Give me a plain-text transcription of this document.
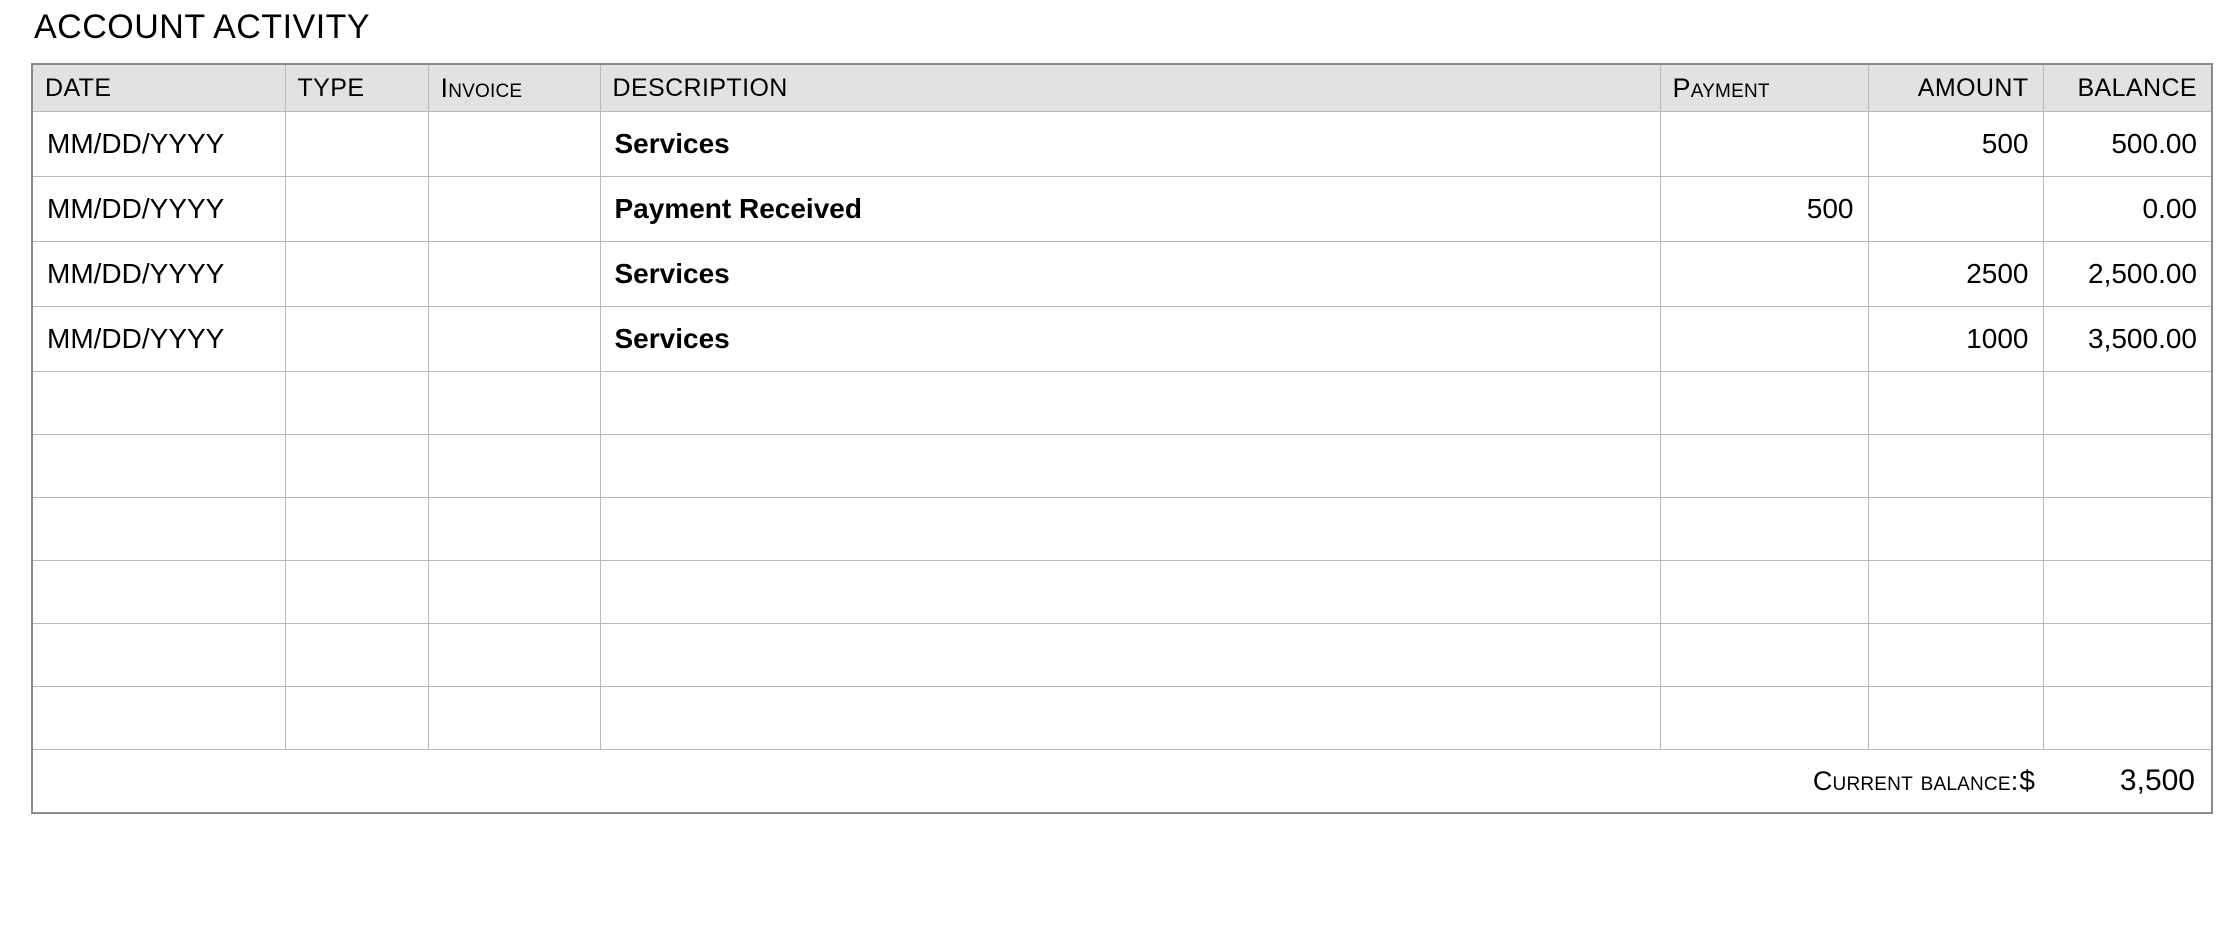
ACCOUNT ACTIVITY
DATE	TYPE	Invoice	DESCRIPTION	Payment	AMOUNT	BALANCE

MM/DD/YYYY			Services		500	500.00

MM/DD/YYYY			Payment Received	500		0.00

MM/DD/YYYY			Services		2500	2,500.00

MM/DD/YYYY			Services		1000	3,500.00

Current balance: $ 3,500						
